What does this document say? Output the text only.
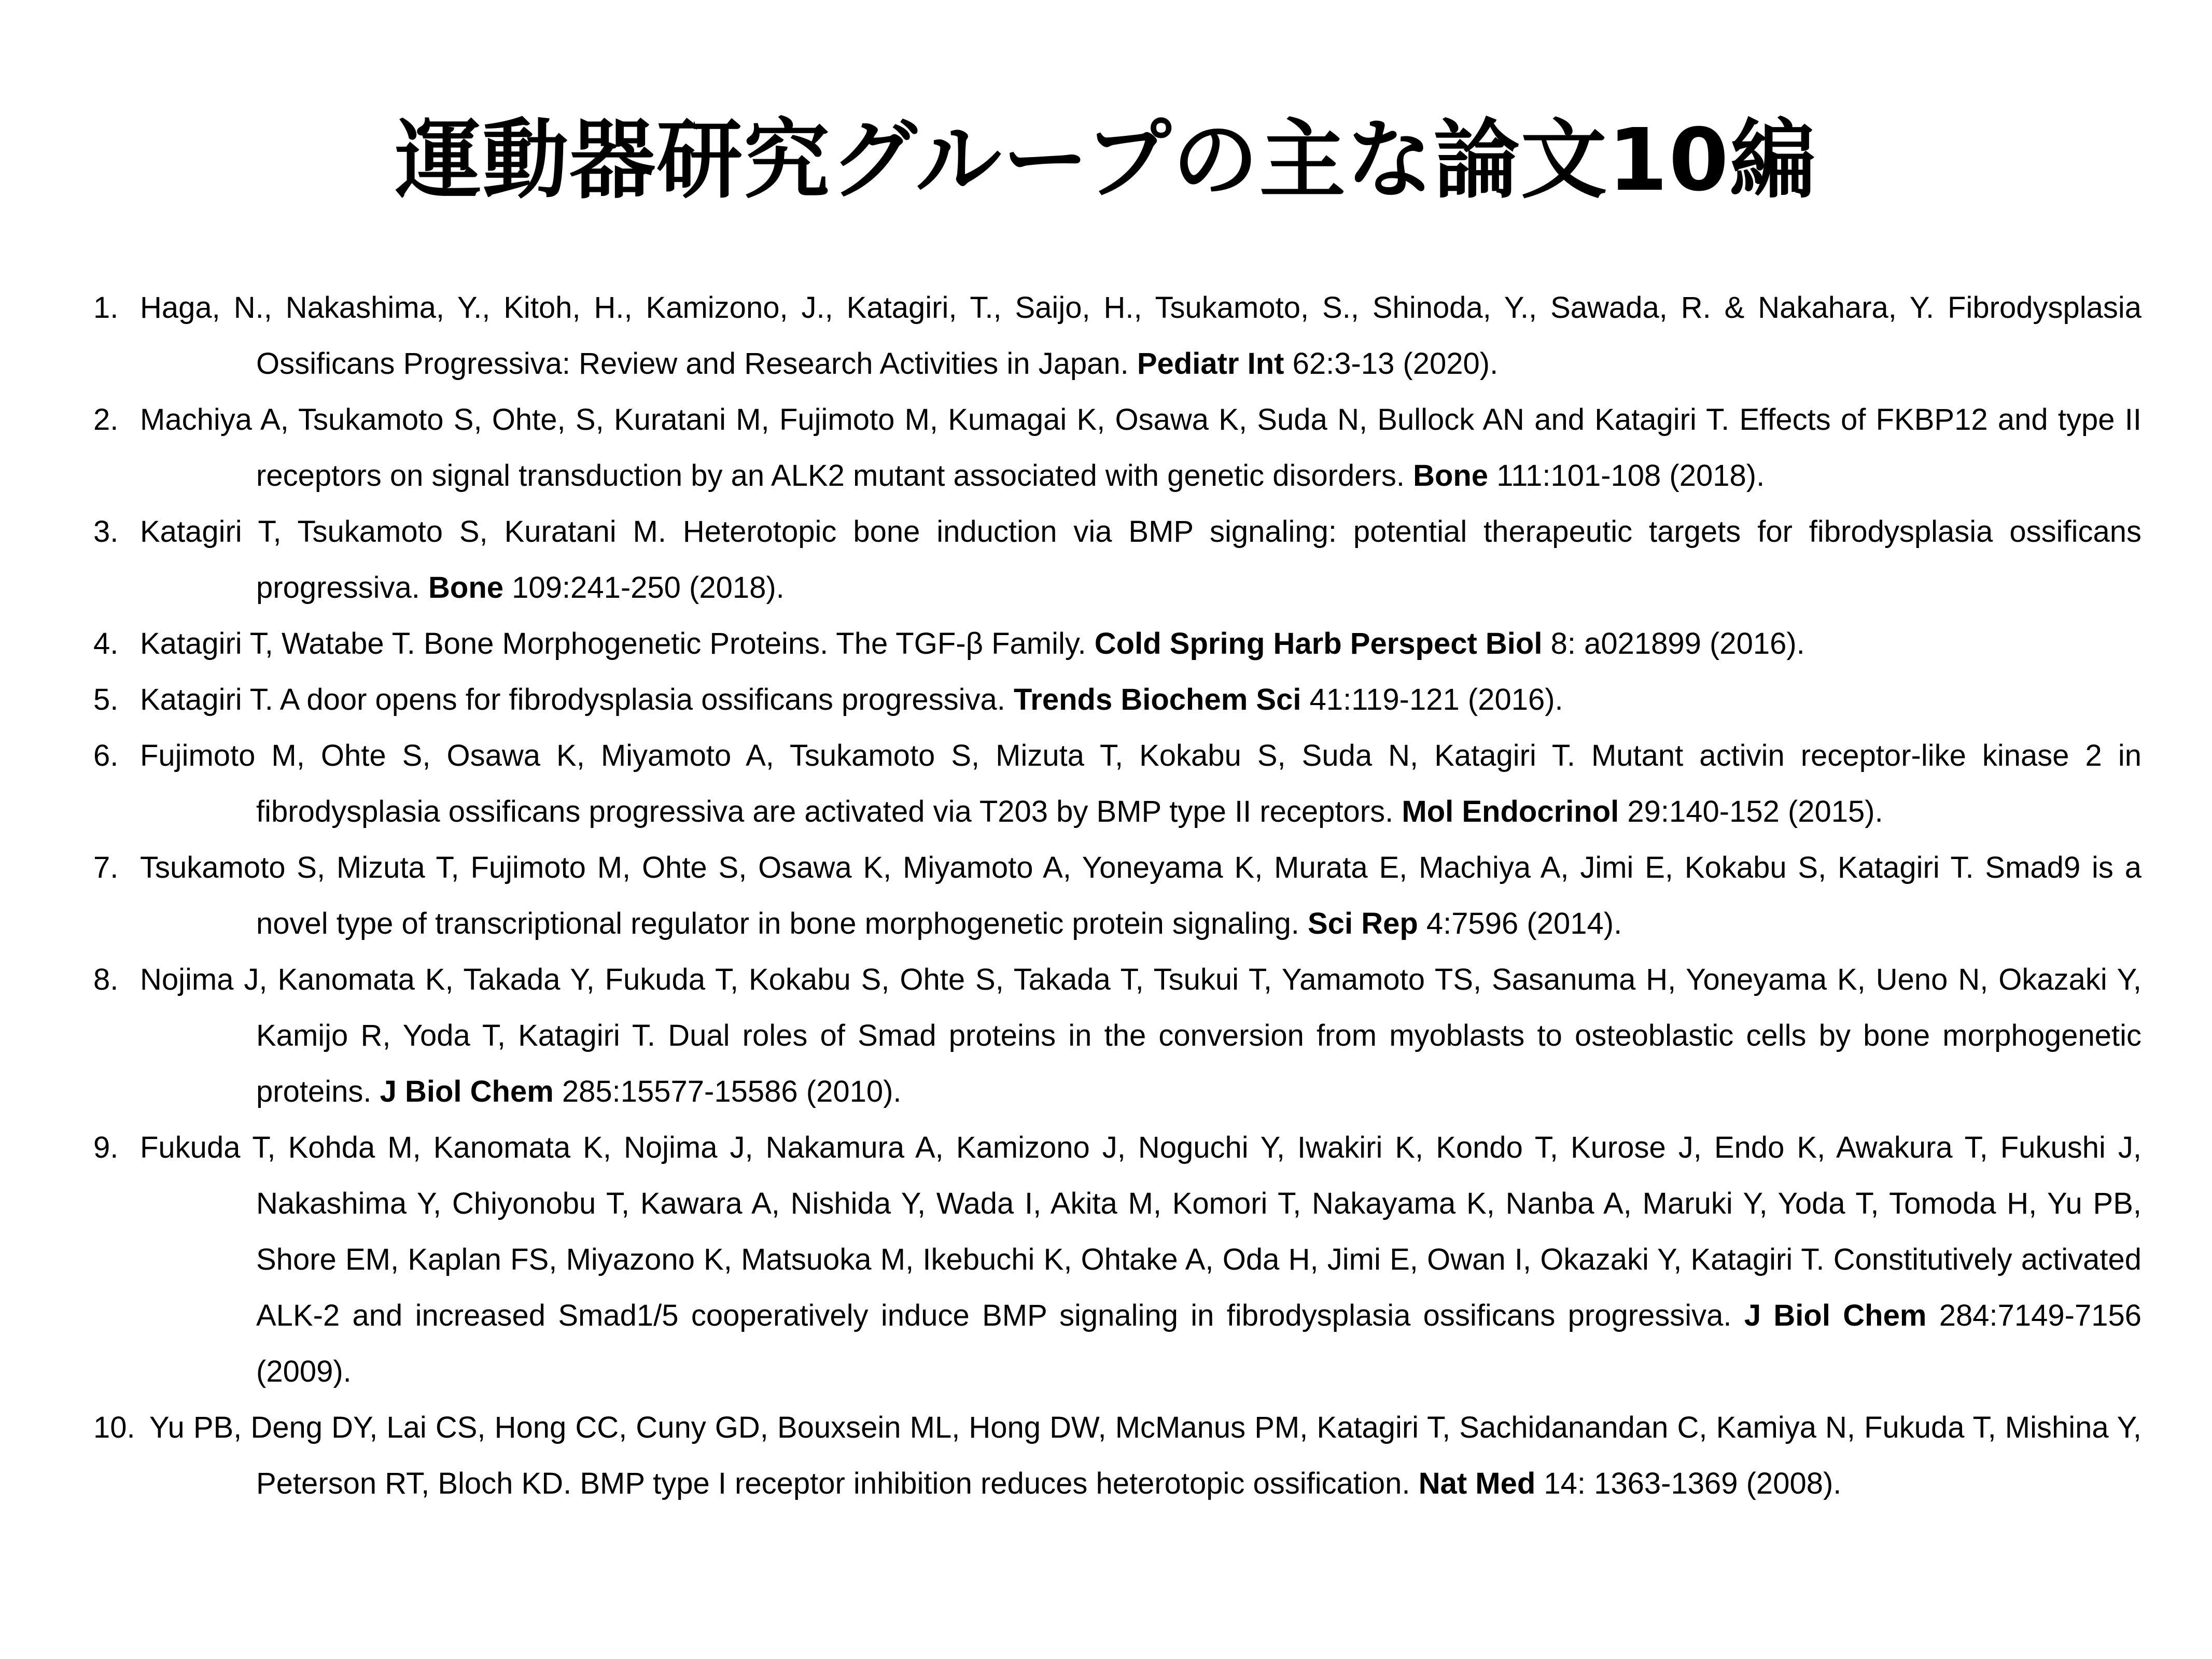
運動器研究グループの主な論文10編
1. Haga, N., Nakashima, Y., Kitoh, H., Kamizono, J., Katagiri, T., Saijo, H., Tsukamoto, S., Shinoda, Y., Sawada, R. & Nakahara, Y. Fibrodysplasia Ossificans Progressiva: Review and Research Activities in Japan. Pediatr Int 62:3-13 (2020).
2. Machiya A, Tsukamoto S, Ohte, S, Kuratani M, Fujimoto M, Kumagai K, Osawa K, Suda N, Bullock AN and Katagiri T. Effects of FKBP12 and type II receptors on signal transduction by an ALK2 mutant associated with genetic disorders. Bone 111:101-108 (2018).
3. Katagiri T, Tsukamoto S, Kuratani M. Heterotopic bone induction via BMP signaling: potential therapeutic targets for fibrodysplasia ossificans progressiva. Bone 109:241-250 (2018).
4. Katagiri T, Watabe T. Bone Morphogenetic Proteins. The TGF-β Family. Cold Spring Harb Perspect Biol 8: a021899 (2016).
5. Katagiri T. A door opens for fibrodysplasia ossificans progressiva. Trends Biochem Sci 41:119-121 (2016).
6. Fujimoto M, Ohte S, Osawa K, Miyamoto A, Tsukamoto S, Mizuta T, Kokabu S, Suda N, Katagiri T. Mutant activin receptor-like kinase 2 in fibrodysplasia ossificans progressiva are activated via T203 by BMP type II receptors. Mol Endocrinol 29:140-152 (2015).
7. Tsukamoto S, Mizuta T, Fujimoto M, Ohte S, Osawa K, Miyamoto A, Yoneyama K, Murata E, Machiya A, Jimi E, Kokabu S, Katagiri T. Smad9 is a novel type of transcriptional regulator in bone morphogenetic protein signaling. Sci Rep 4:7596 (2014).
8. Nojima J, Kanomata K, Takada Y, Fukuda T, Kokabu S, Ohte S, Takada T, Tsukui T, Yamamoto TS, Sasanuma H, Yoneyama K, Ueno N, Okazaki Y, Kamijo R, Yoda T, Katagiri T. Dual roles of Smad proteins in the conversion from myoblasts to osteoblastic cells by bone morphogenetic proteins. J Biol Chem 285:15577-15586 (2010).
9. Fukuda T, Kohda M, Kanomata K, Nojima J, Nakamura A, Kamizono J, Noguchi Y, Iwakiri K, Kondo T, Kurose J, Endo K, Awakura T, Fukushi J, Nakashima Y, Chiyonobu T, Kawara A, Nishida Y, Wada I, Akita M, Komori T, Nakayama K, Nanba A, Maruki Y, Yoda T, Tomoda H, Yu PB, Shore EM, Kaplan FS, Miyazono K, Matsuoka M, Ikebuchi K, Ohtake A, Oda H, Jimi E, Owan I, Okazaki Y, Katagiri T. Constitutively activated ALK-2 and increased Smad1/5 cooperatively induce BMP signaling in fibrodysplasia ossificans progressiva. J Biol Chem 284:7149-7156 (2009).
10. Yu PB, Deng DY, Lai CS, Hong CC, Cuny GD, Bouxsein ML, Hong DW, McManus PM, Katagiri T, Sachidanandan C, Kamiya N, Fukuda T, Mishina Y, Peterson RT, Bloch KD. BMP type I receptor inhibition reduces heterotopic ossification. Nat Med 14: 1363-1369 (2008).
